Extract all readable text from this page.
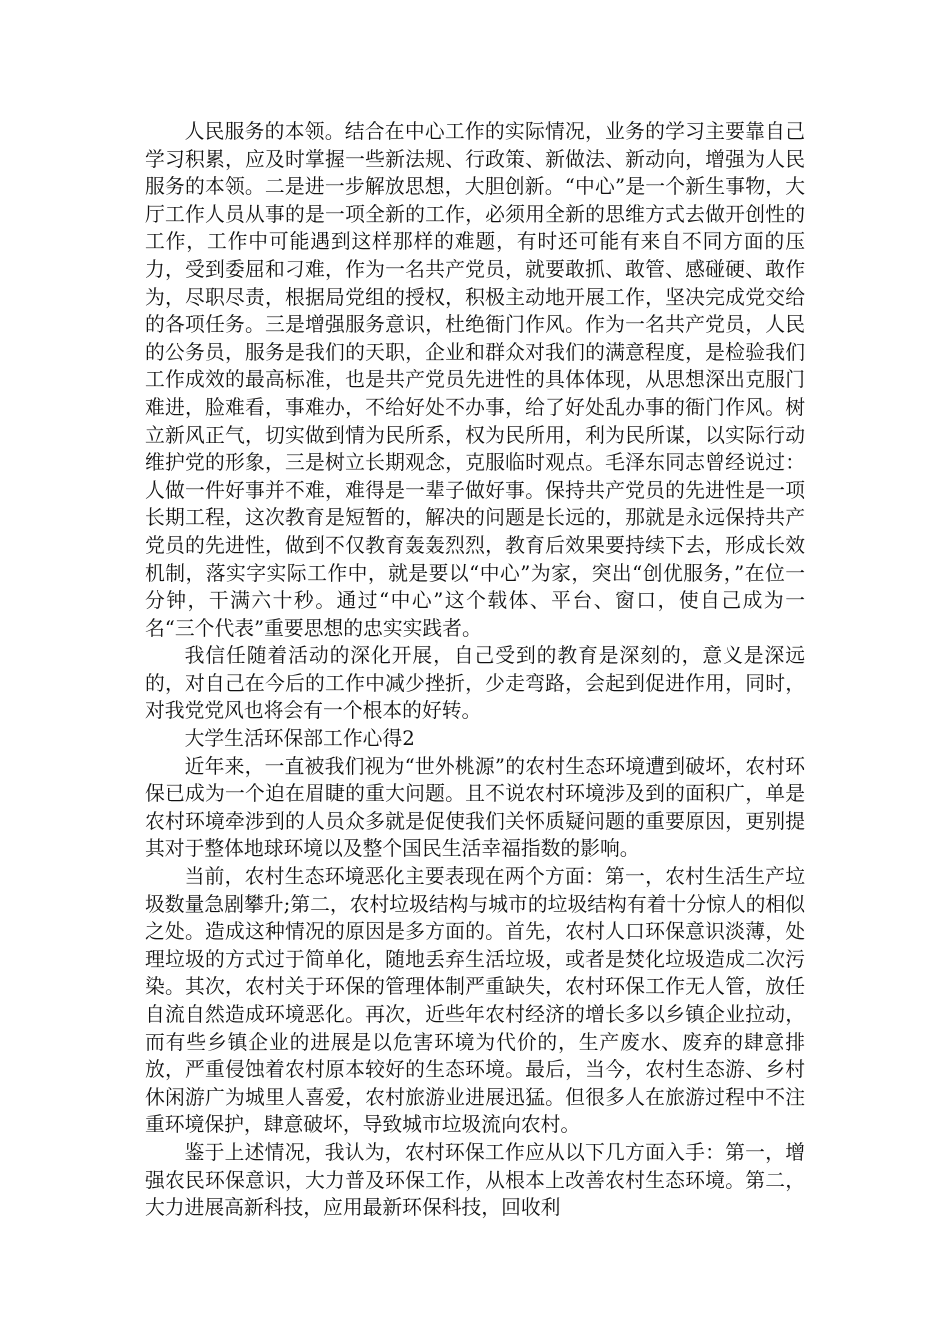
人民服务的本领。结合在中心工作的实际情况，业务的学习主要靠自己学习积累，应及时掌握一些新法规、行政策、新做法、新动向，增强为人民服务的本领。二是进一步解放思想，大胆创新。“中心”是一个新生事物，大厅工作人员从事的是一项全新的工作，必须用全新的思维方式去做开创性的工作，工作中可能遇到这样那样的难题，有时还可能有来自不同方面的压力，受到委屈和刁难，作为一名共产党员，就要敢抓、敢管、感碰硬、敢作为，尽职尽责，根据局党组的授权，积极主动地开展工作，坚决完成党交给的各项任务。三是增强服务意识，杜绝衙门作风。作为一名共产党员，人民的公务员，服务是我们的天职，企业和群众对我们的满意程度，是检验我们工作成效的最高标准，也是共产党员先进性的具体体现，从思想深出克服门难进，脸难看，事难办，不给好处不办事，给了好处乱办事的衙门作风。树立新风正气，切实做到情为民所系，权为民所用，利为民所谋，以实际行动维护党的形象，三是树立长期观念，克服临时观点。毛泽东同志曾经说过：人做一件好事并不难，难得是一辈子做好事。保持共产党员的先进性是一项长期工程，这次教育是短暂的，解决的问题是长远的，那就是永远保持共产党员的先进性，做到不仅教育轰轰烈烈，教育后效果要持续下去，形成长效机制，落实字实际工作中，就是要以“中心”为家，突出“创优服务，”在位一分钟，干满六十秒。通过“中心”这个载体、平台、窗口，使自己成为一名“三个代表”重要思想的忠实实践者。

我信任随着活动的深化开展，自己受到的教育是深刻的，意义是深远的，对自己在今后的工作中减少挫折，少走弯路，会起到促进作用，同时，对我党党风也将会有一个根本的好转。

大学生活环保部工作心得2

近年来，一直被我们视为“世外桃源”的农村生态环境遭到破坏，农村环保已成为一个迫在眉睫的重大问题。且不说农村环境涉及到的面积广，单是农村环境牵涉到的人员众多就是促使我们关怀质疑问题的重要原因，更别提其对于整体地球环境以及整个国民生活幸福指数的影响。

当前，农村生态环境恶化主要表现在两个方面：第一，农村生活生产垃圾数量急剧攀升;第二，农村垃圾结构与城市的垃圾结构有着十分惊人的相似之处。造成这种情况的原因是多方面的。首先，农村人口环保意识淡薄，处理垃圾的方式过于简单化，随地丢弃生活垃圾，或者是焚化垃圾造成二次污染。其次，农村关于环保的管理体制严重缺失，农村环保工作无人管，放任自流自然造成环境恶化。再次，近些年农村经济的增长多以乡镇企业拉动，而有些乡镇企业的进展是以危害环境为代价的，生产废水、废弃的肆意排放，严重侵蚀着农村原本较好的生态环境。最后，当今，农村生态游、乡村休闲游广为城里人喜爱，农村旅游业进展迅猛。但很多人在旅游过程中不注重环境保护，肆意破坏，导致城市垃圾流向农村。

鉴于上述情况，我认为，农村环保工作应从以下几方面入手：第一，增强农民环保意识，大力普及环保工作，从根本上改善农村生态环境。第二，大力进展高新科技，应用最新环保科技，回收利
